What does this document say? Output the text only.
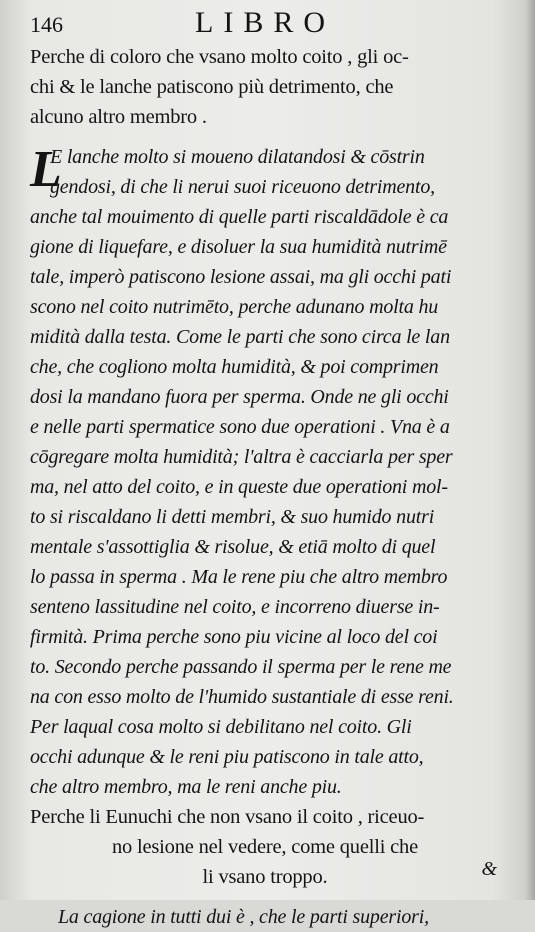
146	LIBRO
Perche di coloro che vsano molto coito , gli oc-
chi & le lanche patiscono più detrimento, che
alcuno altro membro .
L
E lanche molto si moueno dilatandosi & cōstrin
gendosi, di che li nerui suoi riceuono detrimento,
anche tal mouimento di quelle parti riscaldādole è ca
gione di liquefare, e disoluer la sua humidità nutrimē
tale, imperò patiscono lesione assai, ma gli occhi pati
scono nel coito nutrimēto, perche adunano molta hu
midità dalla testa. Come le parti che sono circa le lan
che, che cogliono molta humidità, & poi comprimen
dosi la mandano fuora per sperma. Onde ne gli occhi
e nelle parti spermatice sono due operationi . Vna è a
cōgregare molta humidità; l'altra è cacciarla per sper
ma, nel atto del coito, e in queste due operationi mol-
to si riscaldano li detti membri, & suo humido nutri
mentale s'assottiglia & risolue, & etiā molto di quel
lo passa in sperma . Ma le rene piu che altro membro
senteno lassitudine nel coito, e incorreno diuerse in-
firmità. Prima perche sono piu vicine al loco del coi
to. Secondo perche passando il sperma per le rene me
na con esso molto de l'humido sustantiale di esse reni.
Per laqual cosa molto si debilitano nel coito. Gli
occhi adunque & le reni piu patiscono in tale atto,
che altro membro, ma le reni anche piu.
Perche li Eunuchi che non vsano il coito , riceuo-
no lesione nel vedere, come quelli che
li vsano troppo.
La cagione in tutti dui è , che le parti superiori,
&
